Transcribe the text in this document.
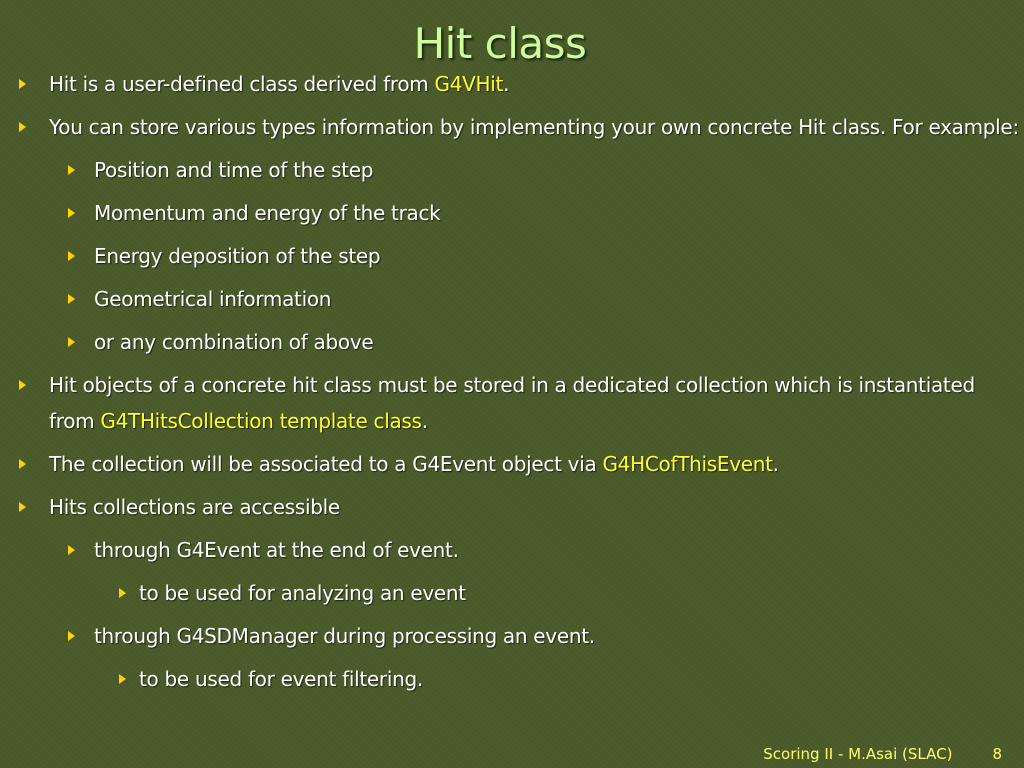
Hit class
Hit is a user-defined class derived from G4VHit.
You can store various types information by implementing your own concrete Hit class. For example:
Position and time of the step
Momentum and energy of the track
Energy deposition of the step
Geometrical information
or any combination of above
Hit objects of a concrete hit class must be stored in a dedicated collection which is instantiated from G4THitsCollection template class.
The collection will be associated to a G4Event object via G4HCofThisEvent.
Hits collections are accessible
through G4Event at the end of event.
to be used for analyzing an event
through G4SDManager during processing an event.
to be used for event filtering.
Scoring II - M.Asai (SLAC)	8
